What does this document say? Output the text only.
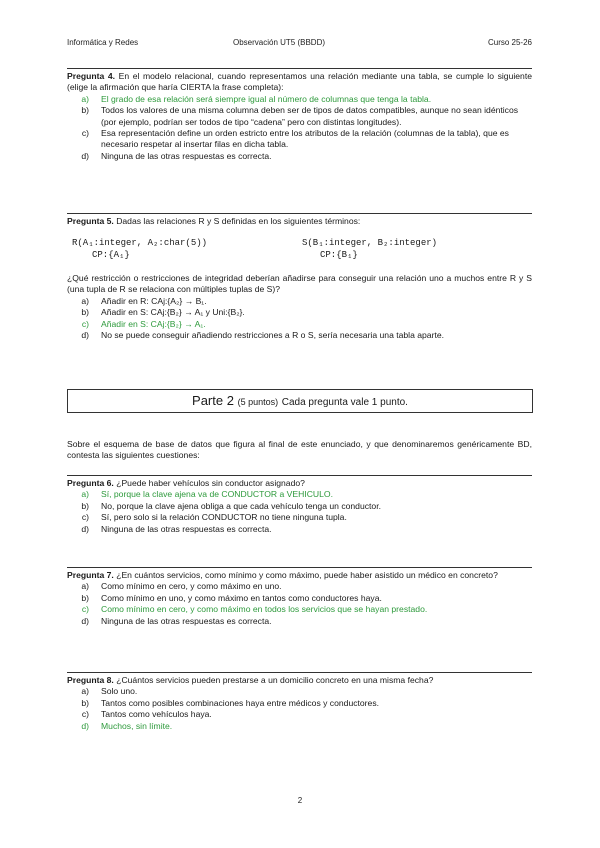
Informática y Redes	Observación UT5 (BBDD)	Curso 25-26
Pregunta 4. En el modelo relacional, cuando representamos una relación mediante una tabla, se cumple lo siguiente (elige la afirmación que haría CIERTA la frase completa):
a)	El grado de esa relación será siempre igual al número de columnas que tenga la tabla.
b)	Todos los valores de una misma columna deben ser de tipos de datos compatibles, aunque no sean idénticos (por ejemplo, podrían ser todos de tipo “cadena” pero con distintas longitudes).
c)	Esa representación define un orden estricto entre los atributos de la relación (columnas de la tabla), que es necesario respetar al insertar filas en dicha tabla.
d)	Ninguna de las otras respuestas es correcta.
Pregunta 5. Dadas las relaciones R y S definidas en los siguientes términos:
R(A₁:integer, A₂:char(5))
CP:{A₁}
S(B₁:integer, B₂:integer)
CP:{B₁}
¿Qué restricción o restricciones de integridad deberían añadirse para conseguir una relación uno a muchos entre R y S (una tupla de R se relaciona con múltiples tuplas de S)?
a)	Añadir en R: CAj:{A₂} → B₁.
b)	Añadir en S: CAj:{B₂} → A₁ y Uni:{B₂}.
c)	Añadir en S: CAj:{B₂} → A₁.
d)	No se puede conseguir añadiendo restricciones a R o S, sería necesaria una tabla aparte.
Parte 2 (5 puntos) Cada pregunta vale 1 punto.
Sobre el esquema de base de datos que figura al final de este enunciado, y que denominaremos genéricamente BD, contesta las siguientes cuestiones:
Pregunta 6. ¿Puede haber vehículos sin conductor asignado?
a)	Sí, porque la clave ajena va de CONDUCTOR a VEHICULO.
b)	No, porque la clave ajena obliga a que cada vehículo tenga un conductor.
c)	Sí, pero solo si la relación CONDUCTOR no tiene ninguna tupla.
d)	Ninguna de las otras respuestas es correcta.
Pregunta 7. ¿En cuántos servicios, como mínimo y como máximo, puede haber asistido un médico en concreto?
a)	Como mínimo en cero, y como máximo en uno.
b)	Como mínimo en uno, y como máximo en tantos como conductores haya.
c)	Como mínimo en cero, y como máximo en todos los servicios que se hayan prestado.
d)	Ninguna de las otras respuestas es correcta.
Pregunta 8. ¿Cuántos servicios pueden prestarse a un domicilio concreto en una misma fecha?
a)	Solo uno.
b)	Tantos como posibles combinaciones haya entre médicos y conductores.
c)	Tantos como vehículos haya.
d)	Muchos, sin límite.
2
